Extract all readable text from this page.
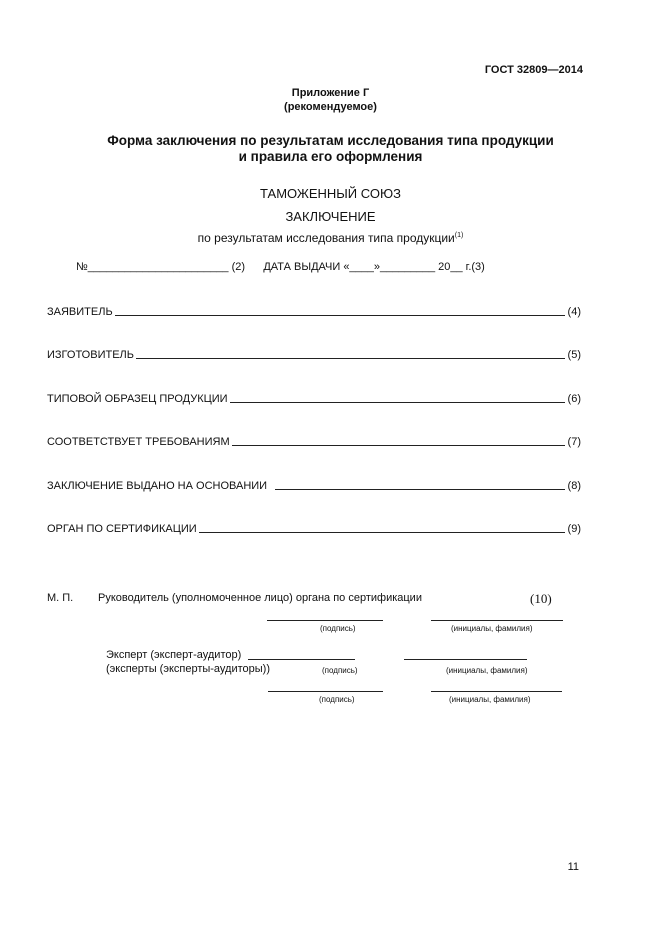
ГОСТ 32809—2014
Приложение Г
(рекомендуемое)
Форма заключения по результатам исследования типа продукции
и правила его оформления
ТАМОЖЕННЫЙ СОЮЗ
ЗАКЛЮЧЕНИЕ
по результатам исследования типа продукции$^{(1)}$
№_______________________ (2)      ДАТА ВЫДАЧИ «____»_________ 20__ г.(3)
ЗАЯВИТЕЛЬ	(4)
ИЗГОТОВИТЕЛЬ	(5)
ТИПОВОЙ ОБРАЗЕЦ ПРОДУКЦИИ	(6)
СООТВЕТСТВУЕТ ТРЕБОВАНИЯМ	(7)
ЗАКЛЮЧЕНИЕ ВЫДАНО НА ОСНОВАНИИ	(8)
ОРГАН ПО СЕРТИФИКАЦИИ	(9)
М. П. Руководитель (уполномоченное лицо) органа по сертификации	(10)
(подпись)	(инициалы, фамилия)
Эксперт (эксперт-аудитор)
(эксперты (эксперты-аудиторы))	(подпись)	(инициалы, фамилия)
(подпись)	(инициалы, фамилия)
11
